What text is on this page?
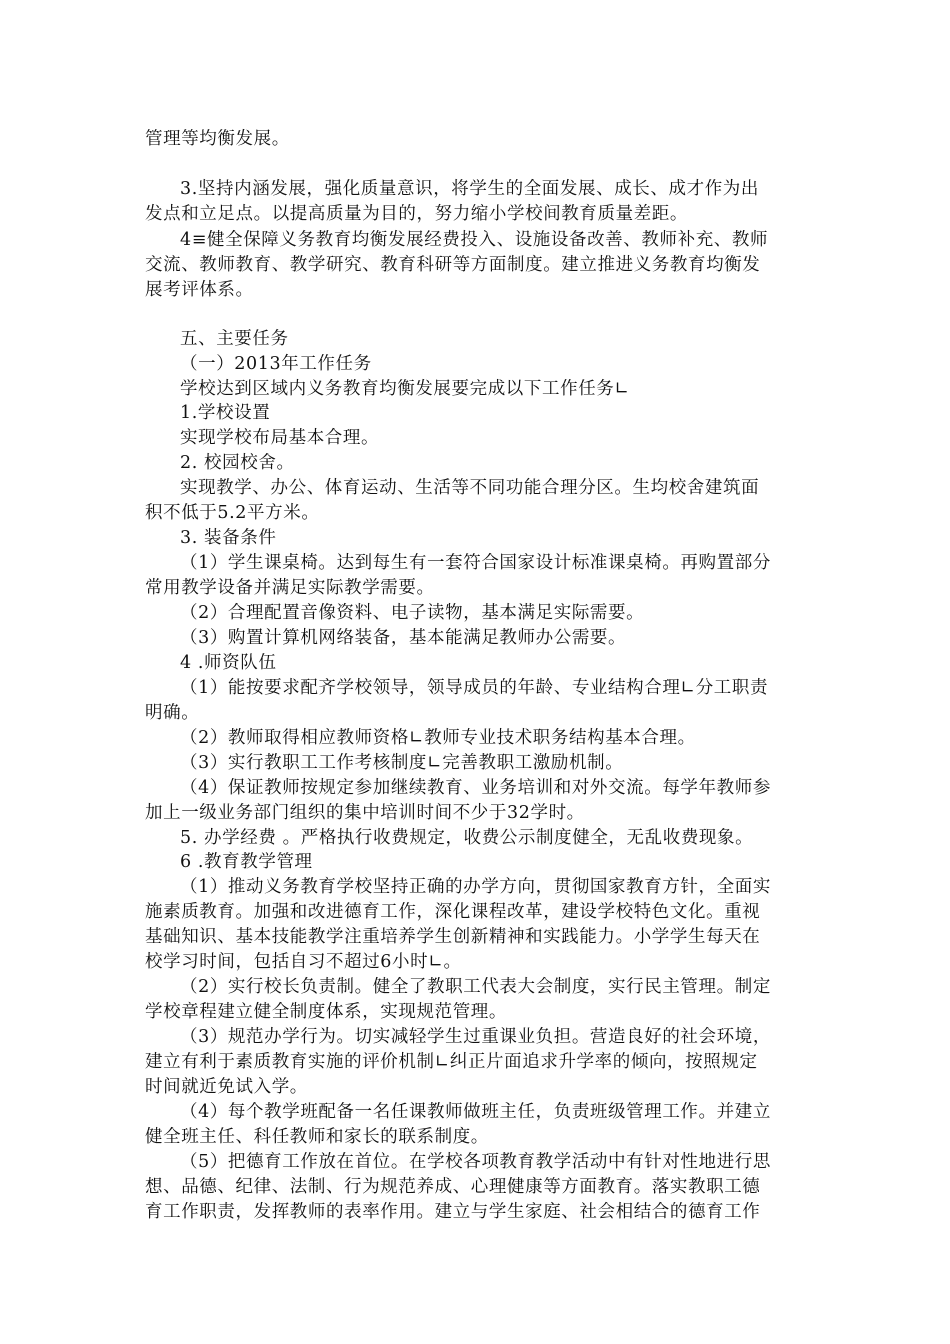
管理等均衡发展。
3.坚持内涵发展，强化质量意识，将学生的全面发展、成长、成才作为出
发点和立足点。以提高质量为目的，努力缩小学校间教育质量差距。
4≡健全保障义务教育均衡发展经费投入、设施设备改善、教师补充、教师
交流、教师教育、教学研究、教育科研等方面制度。建立推进义务教育均衡发
展考评体系。
五、主要任务
（一）2013年工作任务
学校达到区域内义务教育均衡发展要完成以下工作任务∟
1.学校设置
实现学校布局基本合理。
2. 校园校舍。
实现教学、办公、体育运动、生活等不同功能合理分区。生均校舍建筑面
积不低于5.2平方米。
3. 装备条件
（1）学生课桌椅。达到每生有一套符合国家设计标准课桌椅。再购置部分
常用教学设备并满足实际教学需要。
（2）合理配置音像资料、电子读物，基本满足实际需要。
（3）购置计算机网络装备，基本能满足教师办公需要。
4 .师资队伍
（1）能按要求配齐学校领导，领导成员的年龄、专业结构合理∟分工职责
明确。
（2）教师取得相应教师资格∟教师专业技术职务结构基本合理。
（3）实行教职工工作考核制度∟完善教职工激励机制。
（4）保证教师按规定参加继续教育、业务培训和对外交流。每学年教师参
加上一级业务部门组织的集中培训时间不少于32学时。
5. 办学经费 。严格执行收费规定，收费公示制度健全，无乱收费现象。
6 .教育教学管理
（1）推动义务教育学校坚持正确的办学方向，贯彻国家教育方针，全面实
施素质教育。加强和改进德育工作，深化课程改革，建设学校特色文化。重视
基础知识、基本技能教学注重培养学生创新精神和实践能力。小学学生每天在
校学习时间，包括自习不超过6小时∟。
（2）实行校长负责制。健全了教职工代表大会制度，实行民主管理。制定
学校章程建立健全制度体系，实现规范管理。
（3）规范办学行为。切实减轻学生过重课业负担。营造良好的社会环境，
建立有利于素质教育实施的评价机制∟纠正片面追求升学率的倾向，按照规定
时间就近免试入学。
（4）每个教学班配备一名任课教师做班主任，负责班级管理工作。并建立
健全班主任、科任教师和家长的联系制度。
（5）把德育工作放在首位。在学校各项教育教学活动中有针对性地进行思
想、品德、纪律、法制、行为规范养成、心理健康等方面教育。落实教职工德
育工作职责，发挥教师的表率作用。建立与学生家庭、社会相结合的德育工作
